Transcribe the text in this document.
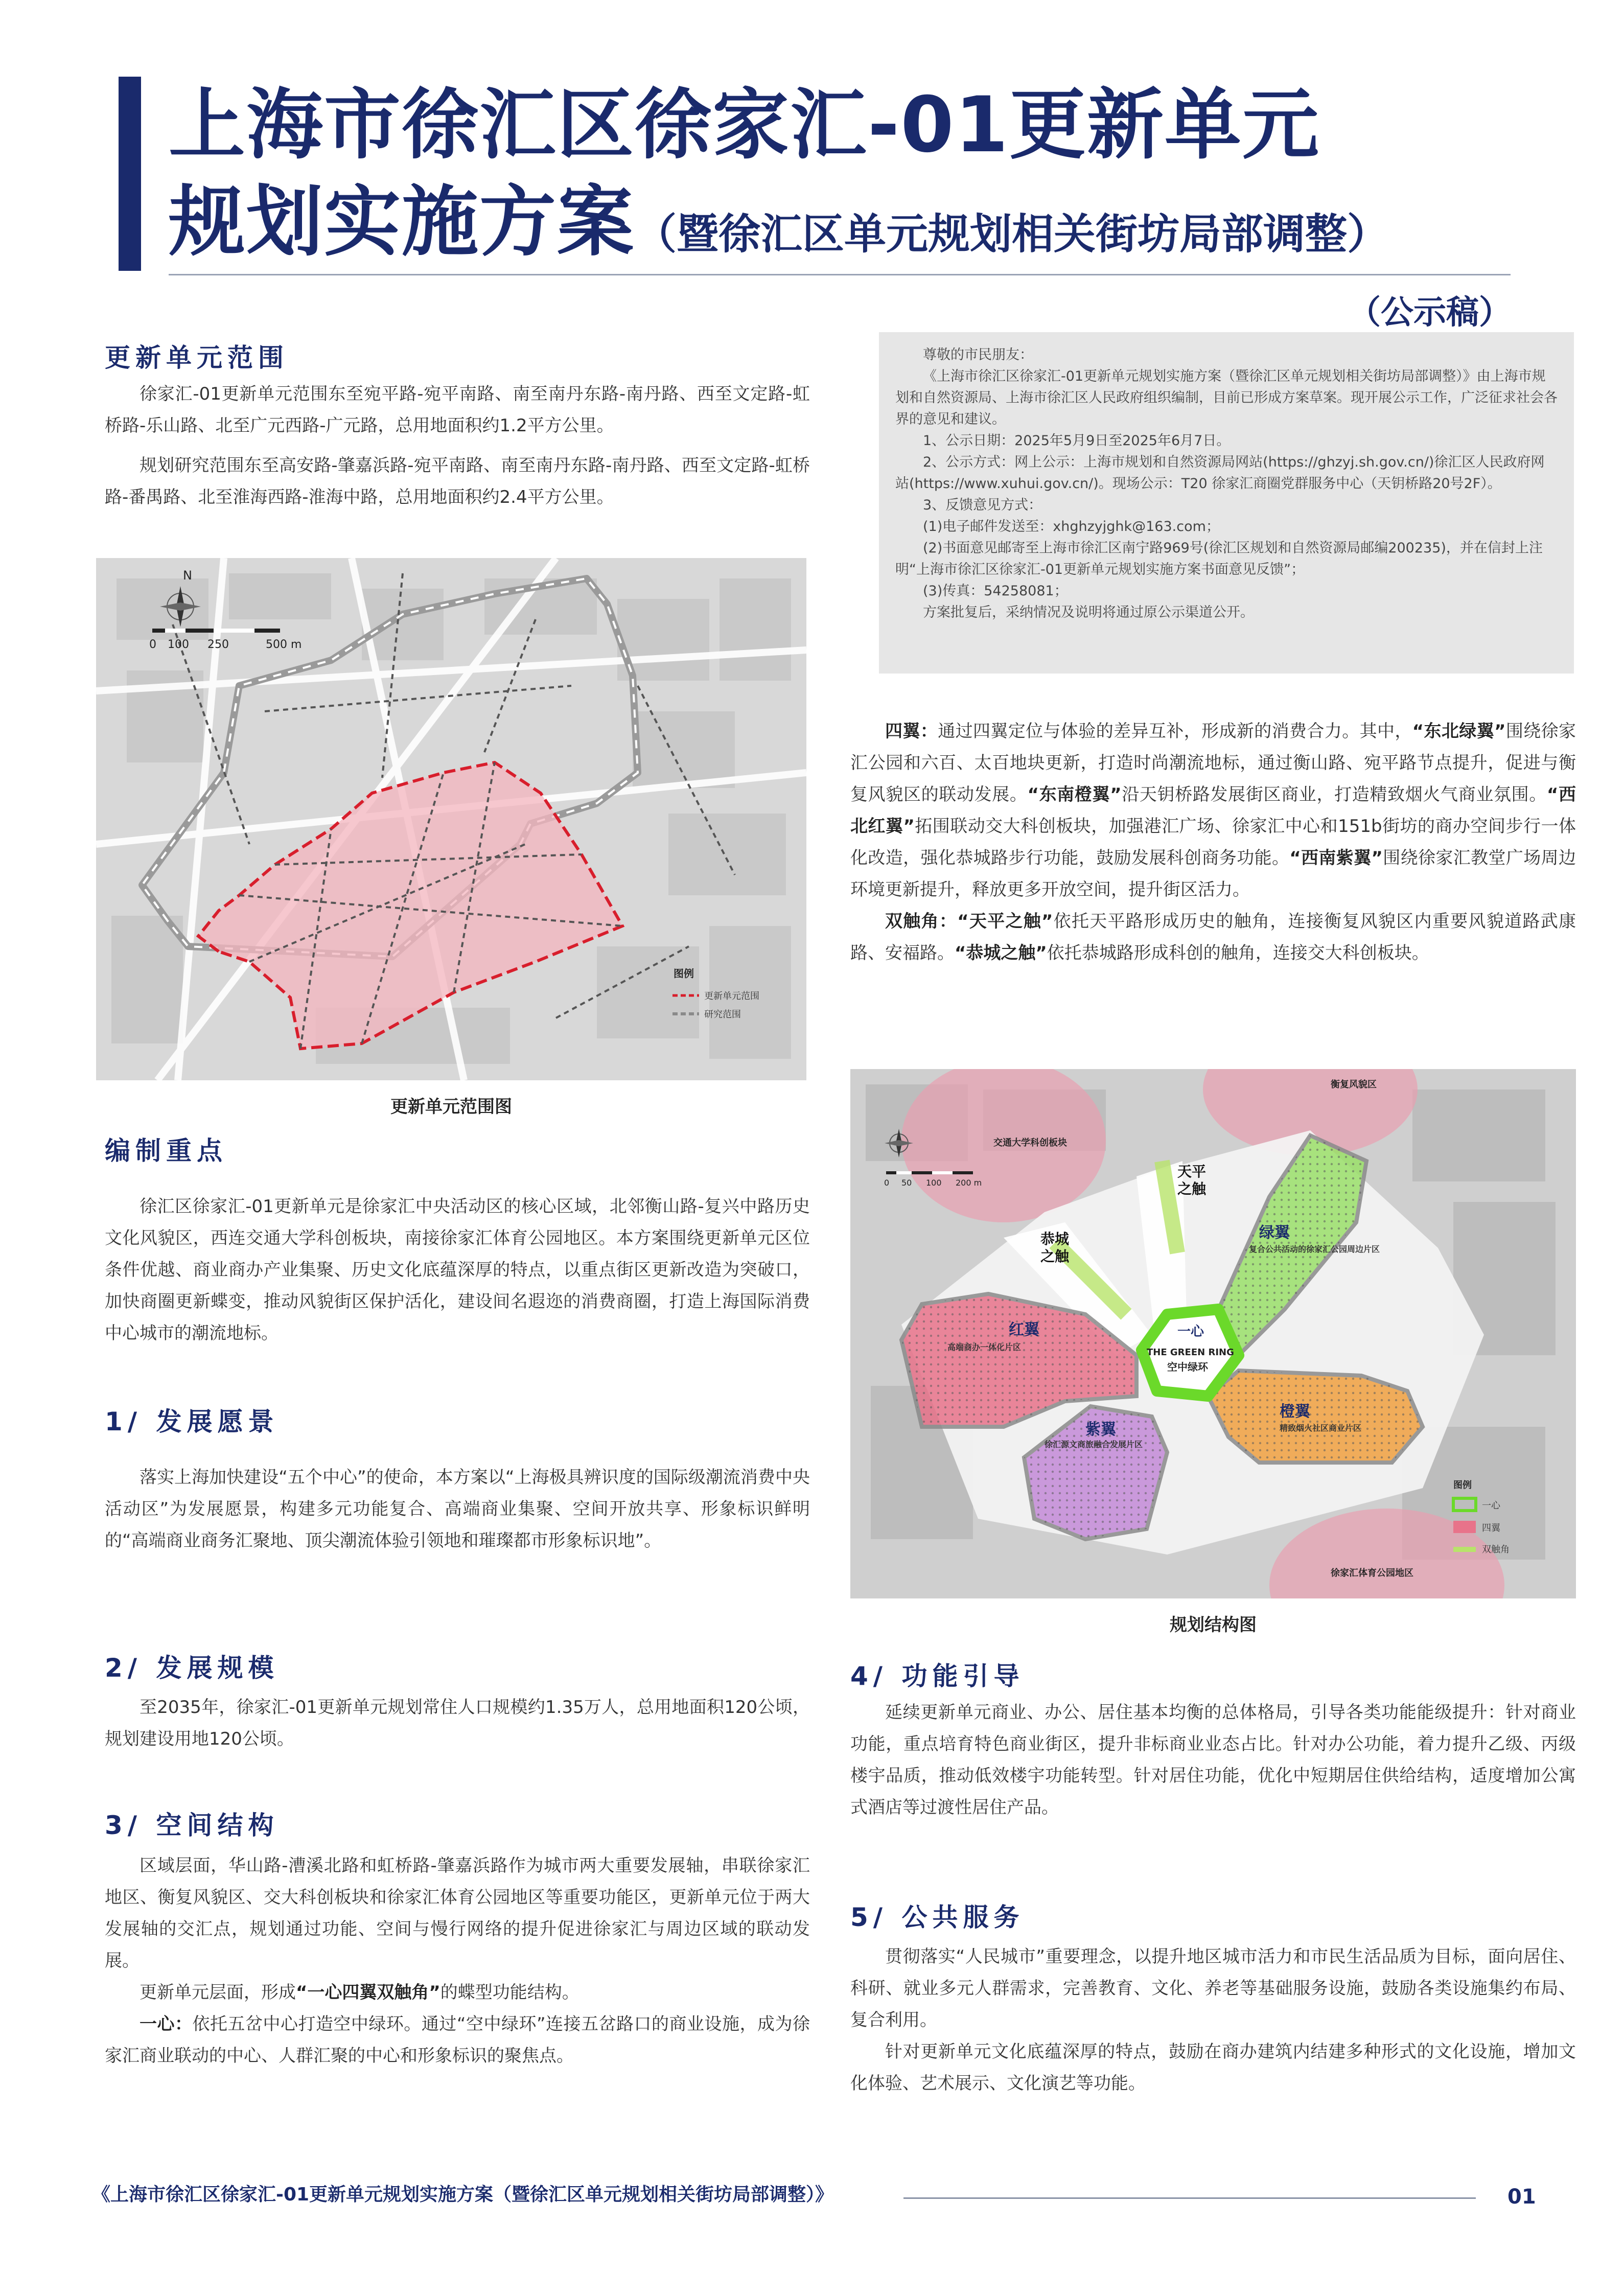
上海市徐汇区徐家汇-01更新单元
规划实施方案（暨徐汇区单元规划相关街坊局部调整）
（公示稿）
更新单元范围
徐家汇-01更新单元范围东至宛平路-宛平南路、南至南丹东路-南丹路、西至文定路-虹桥路-乐山路、北至广元西路-广元路，总用地面积约1.2平方公里。
规划研究范围东至高安路-肇嘉浜路-宛平南路、南至南丹东路-南丹路、西至文定路-虹桥路-番禺路、北至淮海西路-淮海中路，总用地面积约2.4平方公里。
N
0 100 250	500 m
图例
更新单元范围
研究范围
更新单元范围图
编制重点
徐汇区徐家汇-01更新单元是徐家汇中央活动区的核心区域，北邻衡山路-复兴中路历史文化风貌区，西连交通大学科创板块，南接徐家汇体育公园地区。本方案围绕更新单元区位条件优越、商业商办产业集聚、历史文化底蕴深厚的特点，以重点街区更新改造为突破口，加快商圈更新蝶变，推动风貌街区保护活化，建设间名遐迩的消费商圈，打造上海国际消费中心城市的潮流地标。
1/ 发展愿景
落实上海加快建设“五个中心”的使命，本方案以“上海极具辨识度的国际级潮流消费中央活动区”为发展愿景，构建多元功能复合、高端商业集聚、空间开放共享、形象标识鲜明的“高端商业商务汇聚地、顶尖潮流体验引领地和璀璨都市形象标识地”。
2/ 发展规模
至2035年，徐家汇-01更新单元规划常住人口规模约1.35万人，总用地面积120公顷，规划建设用地120公顷。
3/ 空间结构
区域层面，华山路-漕溪北路和虹桥路-肇嘉浜路作为城市两大重要发展轴，串联徐家汇地区、衡复风貌区、交大科创板块和徐家汇体育公园地区等重要功能区，更新单元位于两大发展轴的交汇点，规划通过功能、空间与慢行网络的提升促进徐家汇与周边区域的联动发展。
更新单元层面，形成“一心四翼双触角”的蝶型功能结构。
一心：依托五岔中心打造空中绿环。通过“空中绿环”连接五岔路口的商业设施，成为徐家汇商业联动的中心、人群汇聚的中心和形象标识的聚焦点。

尊敬的市民朋友：

《上海市徐汇区徐家汇-01更新单元规划实施方案（暨徐汇区单元规划相关街坊局部调整）》由上海市规划和自然资源局、上海市徐汇区人民政府组织编制，目前已形成方案草案。现开展公示工作，广泛征求社会各界的意见和建议。

1、公示日期：2025年5月9日至2025年6月7日。

2、公示方式：网上公示：上海市规划和自然资源局网站(https://ghzyj.sh.gov.cn/)徐汇区人民政府网站(https://www.xuhui.gov.cn/)。现场公示：T20 徐家汇商圈党群服务中心（天钥桥路20号2F）。

3、反馈意见方式：

(1)电子邮件发送至：xhghzyjghk@163.com；

(2)书面意见邮寄至上海市徐汇区南宁路969号(徐汇区规划和自然资源局邮编200235)，并在信封上注明“上海市徐汇区徐家汇-01更新单元规划实施方案书面意见反馈”；

(3)传真：54258081；

方案批复后，采纳情况及说明将通过原公示渠道公开。

四翼：通过四翼定位与体验的差异互补，形成新的消费合力。其中，“东北绿翼”围绕徐家汇公园和六百、太百地块更新，打造时尚潮流地标，通过衡山路、宛平路节点提升，促进与衡复风貌区的联动发展。“东南橙翼”沿天钥桥路发展街区商业，打造精致烟火气商业氛围。“西北红翼”拓围联动交大科创板块，加强港汇广场、徐家汇中心和151b街坊的商办空间步行一体化改造，强化恭城路步行功能，鼓励发展科创商务功能。“西南紫翼”围绕徐家汇教堂广场周边环境更新提升，释放更多开放空间，提升街区活力。
双触角：“天平之触”依托天平路形成历史的触角，连接衡复风貌区内重要风貌道路武康路、安福路。“恭城之触”依托恭城路形成科创的触角，连接交大科创板块。
一心
THE GREEN RING
空中绿环
绿翼
复合公共活动的徐家汇公园周边片区
红翼
高端商办一体化片区
橙翼
精致烟火社区商业片区
紫翼
徐汇源文商旅融合发展片区
天平
之触
恭城
之触
衡复风貌区
交通大学科创板块
徐家汇体育公园地区
0 50 100 200 m
图例
一心
四翼
双触角
规划结构图
4/ 功能引导
延续更新单元商业、办公、居住基本均衡的总体格局，引导各类功能能级提升：针对商业功能，重点培育特色商业街区，提升非标商业业态占比。针对办公功能，着力提升乙级、丙级楼宇品质，推动低效楼宇功能转型。针对居住功能，优化中短期居住供给结构，适度增加公寓式酒店等过渡性居住产品。
5/ 公共服务
贯彻落实“人民城市”重要理念，以提升地区城市活力和市民生活品质为目标，面向居住、科研、就业多元人群需求，完善教育、文化、养老等基础服务设施，鼓励各类设施集约布局、复合利用。
针对更新单元文化底蕴深厚的特点，鼓励在商办建筑内结建多种形式的文化设施，增加文化体验、艺术展示、文化演艺等功能。
《上海市徐汇区徐家汇-01更新单元规划实施方案（暨徐汇区单元规划相关街坊局部调整）》	01
